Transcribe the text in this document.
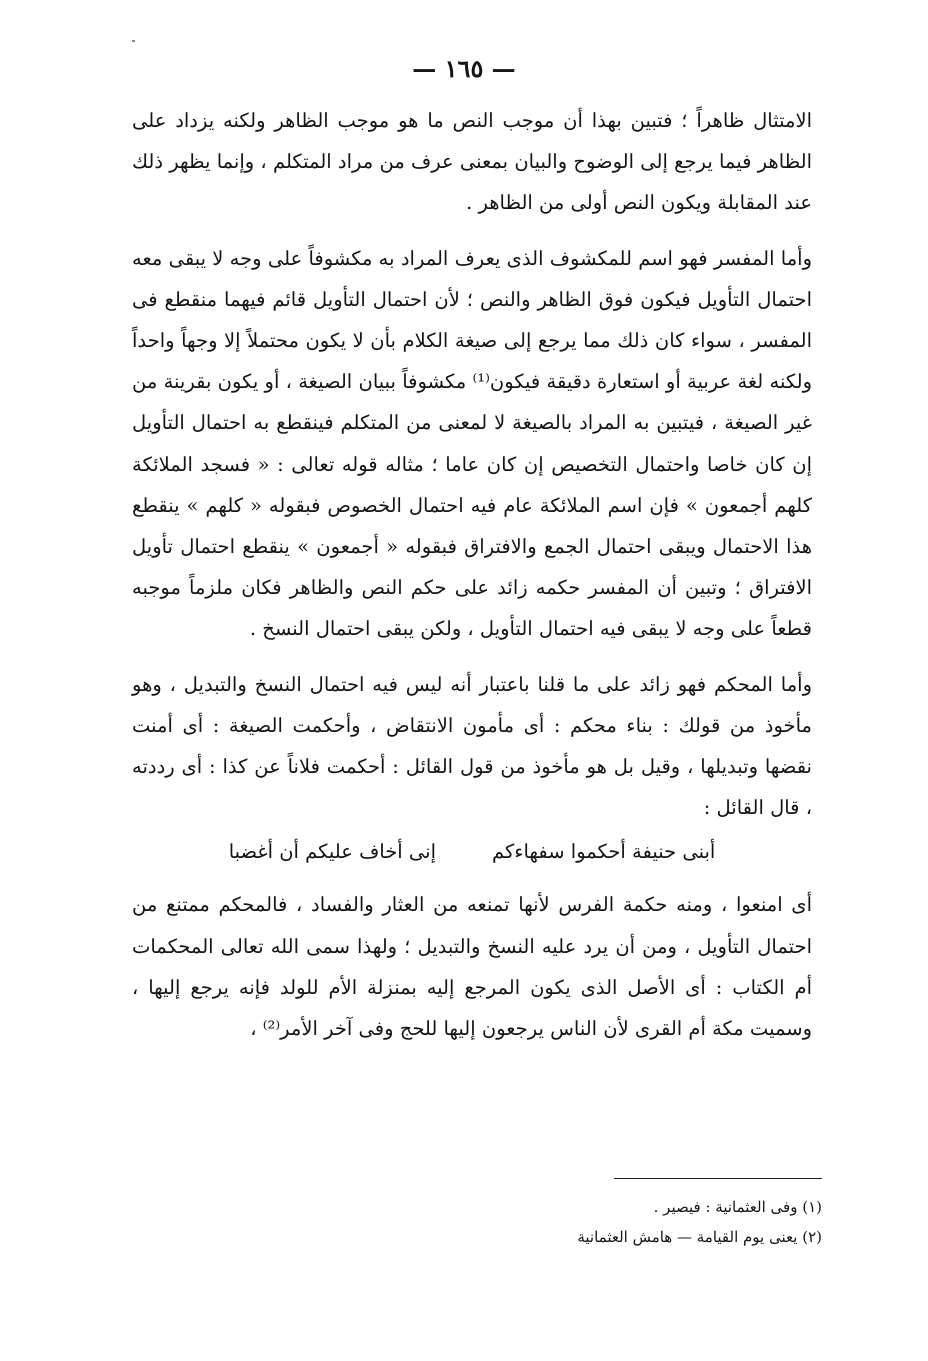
— ١٦٥ —

الامتثال ظاهراً ؛ فتبين بهذا أن موجب النص ما هو موجب الظاهر ولكنه يزداد على الظاهر فيما يرجع إلى الوضوح والبيان بمعنى عرف من مراد المتكلم ، وإنما يظهر ذلك عند المقابلة ويكون النص أولى من الظاهر .

وأما المفسر فهو اسم للمكشوف الذى يعرف المراد به مكشوفاً على وجه لا يبقى معه احتمال التأويل فيكون فوق الظاهر والنص ؛ لأن احتمال التأويل قائم فيهما منقطع فى المفسر ، سواء كان ذلك مما يرجع إلى صيغة الكلام بأن لا يكون محتملاً إلا وجهاً واحداً ولكنه لغة عربية أو استعارة دقيقة فيكون⁽¹⁾ مكشوفاً ببيان الصيغة ، أو يكون بقرينة من غير الصيغة ، فيتبين به المراد بالصيغة لا لمعنى من المتكلم فينقطع به احتمال التأويل إن كان خاصا واحتمال التخصيص إن كان عاما ؛ مثاله قوله تعالى : « فسجد الملائكة كلهم أجمعون » فإن اسم الملائكة عام فيه احتمال الخصوص فبقوله « كلهم » ينقطع هذا الاحتمال ويبقى احتمال الجمع والافتراق فبقوله « أجمعون » ينقطع احتمال تأويل الافتراق ؛ وتبين أن المفسر حكمه زائد على حكم النص والظاهر فكان ملزماً موجبه قطعاً على وجه لا يبقى فيه احتمال التأويل ، ولكن يبقى احتمال النسخ .

وأما المحكم فهو زائد على ما قلنا باعتبار أنه ليس فيه احتمال النسخ والتبديل ، وهو مأخوذ من قولك : بناء محكم : أى مأمون الانتقاض ، وأحكمت الصيغة : أى أمنت نقضها وتبديلها ، وقيل بل هو مأخوذ من قول القائل : أحكمت فلاناً عن كذا : أى رددته ، قال القائل :

أبنى حنيفة أحكموا سفهاءكم
إنى أخاف عليكم أن أغضبا

أى امنعوا ، ومنه حكمة الفرس لأنها تمنعه من العثار والفساد ، فالمحكم ممتنع من احتمال التأويل ، ومن أن يرد عليه النسخ والتبديل ؛ ولهذا سمى الله تعالى المحكمات أم الكتاب : أى الأصل الذى يكون المرجع إليه بمنزلة الأم للولد فإنه يرجع إليها ، وسميت مكة أم القرى لأن الناس يرجعون إليها للحج وفى آخر الأمر⁽²⁾ ،

(١) وفى العثمانية : فيصير .

(٢) يعنى يوم القيامة — هامش العثمانية
